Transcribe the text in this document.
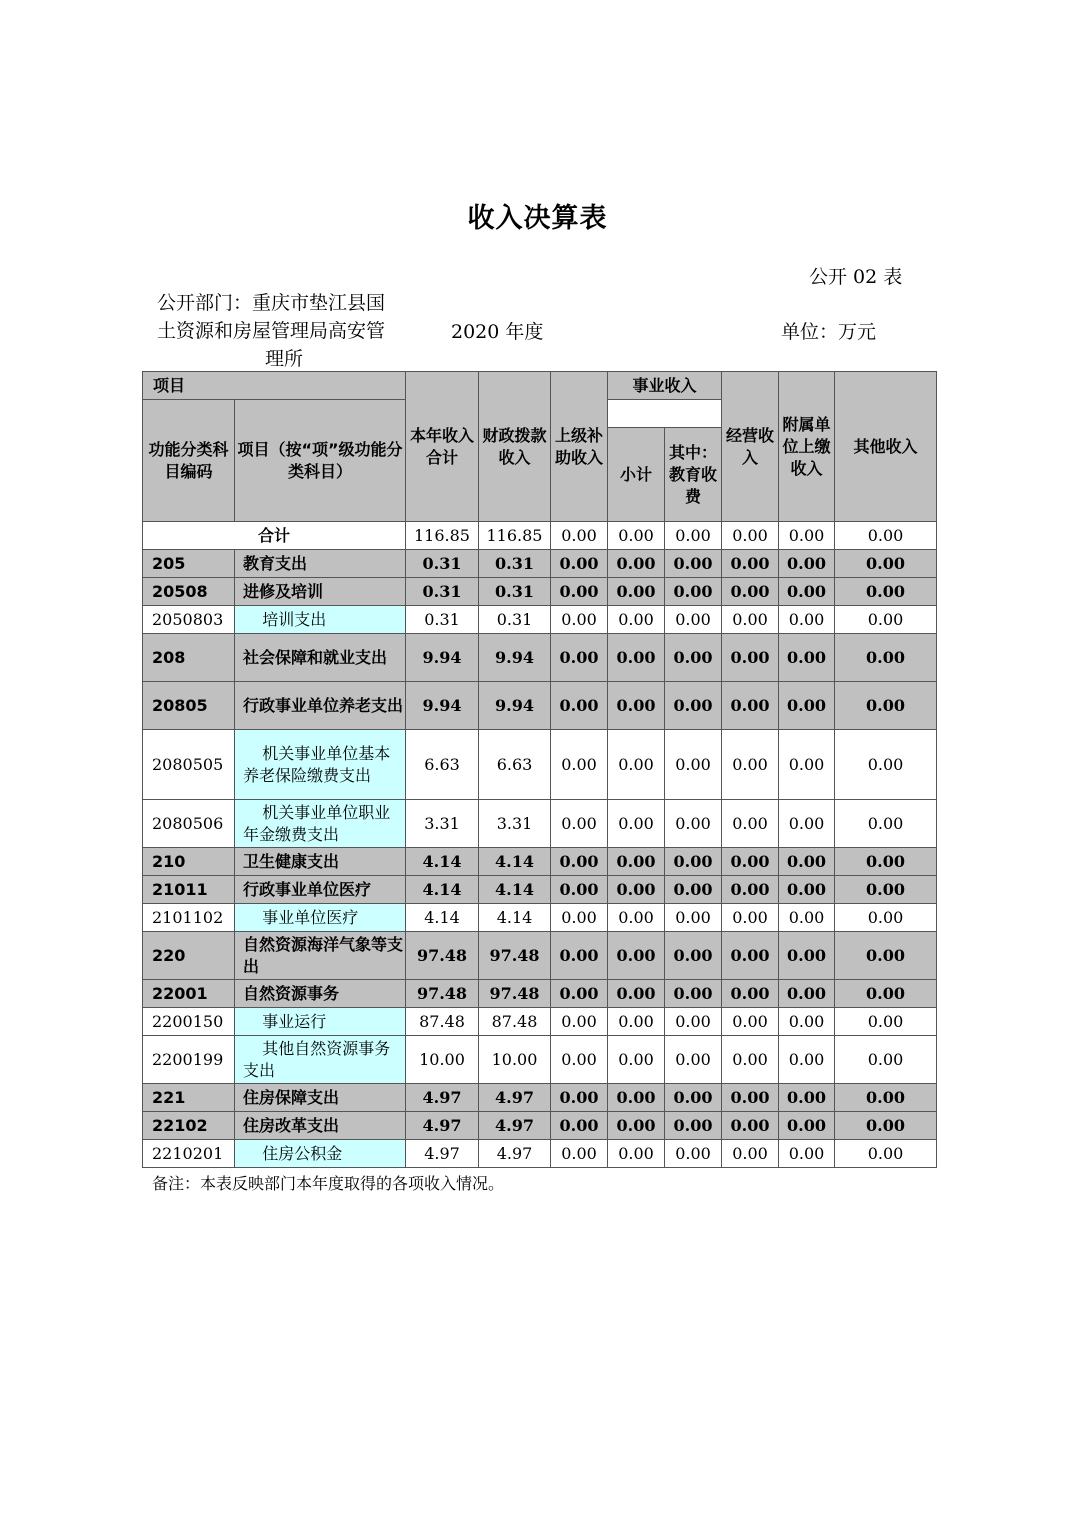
收入决算表
公开 02 表
公开部门：重庆市垫江县国
土资源和房屋管理局高安管
理所
2020 年度	单位：万元
项目		本年收入合计	财政拨款收入	上级补助收入	事业收入		经营收入	附属单位上缴收入	其他收入
功能分类科目编码	项目（按“项”级功能分类科目）								
					小计	其中：教育收费			
合计		116.85	116.85	0.00	0.00	0.00	0.00	0.00	0.00
205	教育支出	0.31	0.31	0.00	0.00	0.00	0.00	0.00	0.00
20508	进修及培训	0.31	0.31	0.00	0.00	0.00	0.00	0.00	0.00
2050803	培训支出	0.31	0.31	0.00	0.00	0.00	0.00	0.00	0.00
208	社会保障和就业支出	9.94	9.94	0.00	0.00	0.00	0.00	0.00	0.00
20805	行政事业单位养老支出	9.94	9.94	0.00	0.00	0.00	0.00	0.00	0.00
2080505	机关事业单位基本养老保险缴费支出	6.63	6.63	0.00	0.00	0.00	0.00	0.00	0.00
2080506	机关事业单位职业年金缴费支出	3.31	3.31	0.00	0.00	0.00	0.00	0.00	0.00
210	卫生健康支出	4.14	4.14	0.00	0.00	0.00	0.00	0.00	0.00
21011	行政事业单位医疗	4.14	4.14	0.00	0.00	0.00	0.00	0.00	0.00
2101102	事业单位医疗	4.14	4.14	0.00	0.00	0.00	0.00	0.00	0.00
220	自然资源海洋气象等支出	97.48	97.48	0.00	0.00	0.00	0.00	0.00	0.00
22001	自然资源事务	97.48	97.48	0.00	0.00	0.00	0.00	0.00	0.00
2200150	事业运行	87.48	87.48	0.00	0.00	0.00	0.00	0.00	0.00
2200199	其他自然资源事务支出	10.00	10.00	0.00	0.00	0.00	0.00	0.00	0.00
221	住房保障支出	4.97	4.97	0.00	0.00	0.00	0.00	0.00	0.00
22102	住房改革支出	4.97	4.97	0.00	0.00	0.00	0.00	0.00	0.00
2210201	住房公积金	4.97	4.97	0.00	0.00	0.00	0.00	0.00	0.00
备注：本表反映部门本年度取得的各项收入情况。
